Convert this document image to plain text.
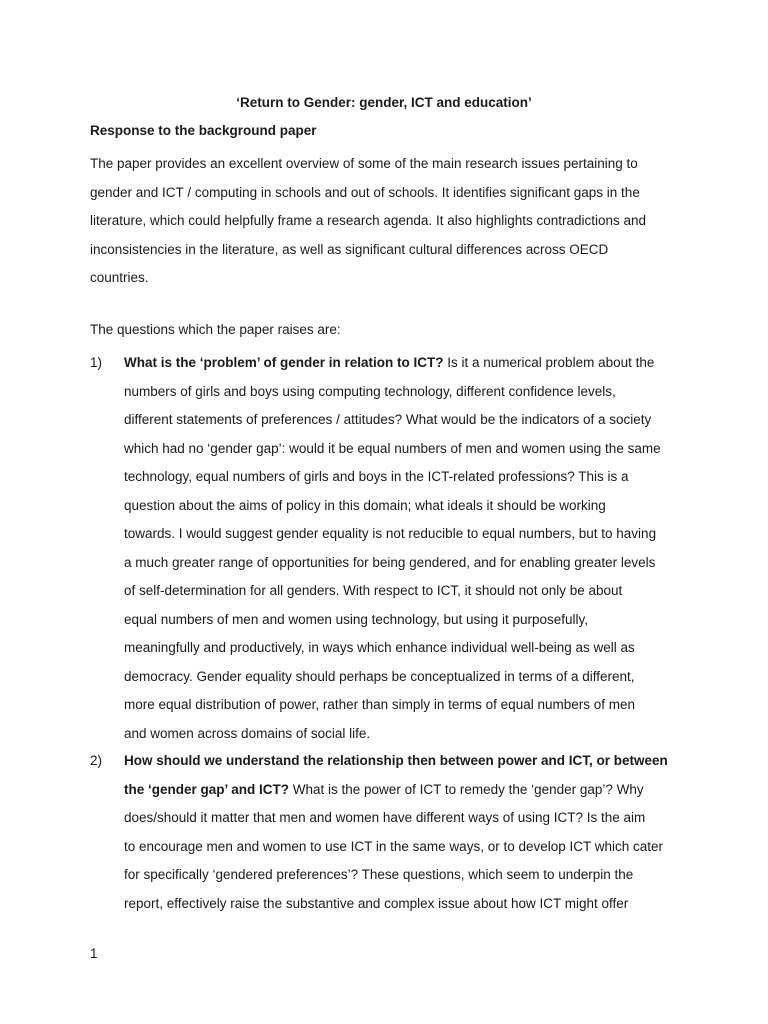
‘Return to Gender: gender, ICT and education’
Response to the background paper
The paper provides an excellent overview of some of the main research issues pertaining to
gender and ICT / computing in schools and out of schools. It identifies significant gaps in the
literature, which could helpfully frame a research agenda. It also highlights contradictions and
inconsistencies in the literature, as well as significant cultural differences across OECD
countries.
The questions which the paper raises are:
1) What is the ‘problem’ of gender in relation to ICT? Is it a numerical problem about the
numbers of girls and boys using computing technology, different confidence levels,
different statements of preferences / attitudes? What would be the indicators of a society
which had no ‘gender gap’: would it be equal numbers of men and women using the same
technology, equal numbers of girls and boys in the ICT-related professions? This is a
question about the aims of policy in this domain; what ideals it should be working
towards. I would suggest gender equality is not reducible to equal numbers, but to having
a much greater range of opportunities for being gendered, and for enabling greater levels
of self-determination for all genders. With respect to ICT, it should not only be about
equal numbers of men and women using technology, but using it purposefully,
meaningfully and productively, in ways which enhance individual well-being as well as
democracy. Gender equality should perhaps be conceptualized in terms of a different,
more equal distribution of power, rather than simply in terms of equal numbers of men
and women across domains of social life.
2) How should we understand the relationship then between power and ICT, or between
the ‘gender gap’ and ICT? What is the power of ICT to remedy the ‘gender gap’? Why
does/should it matter that men and women have different ways of using ICT? Is the aim
to encourage men and women to use ICT in the same ways, or to develop ICT which cater
for specifically ‘gendered preferences’? These questions, which seem to underpin the
report, effectively raise the substantive and complex issue about how ICT might offer
1
